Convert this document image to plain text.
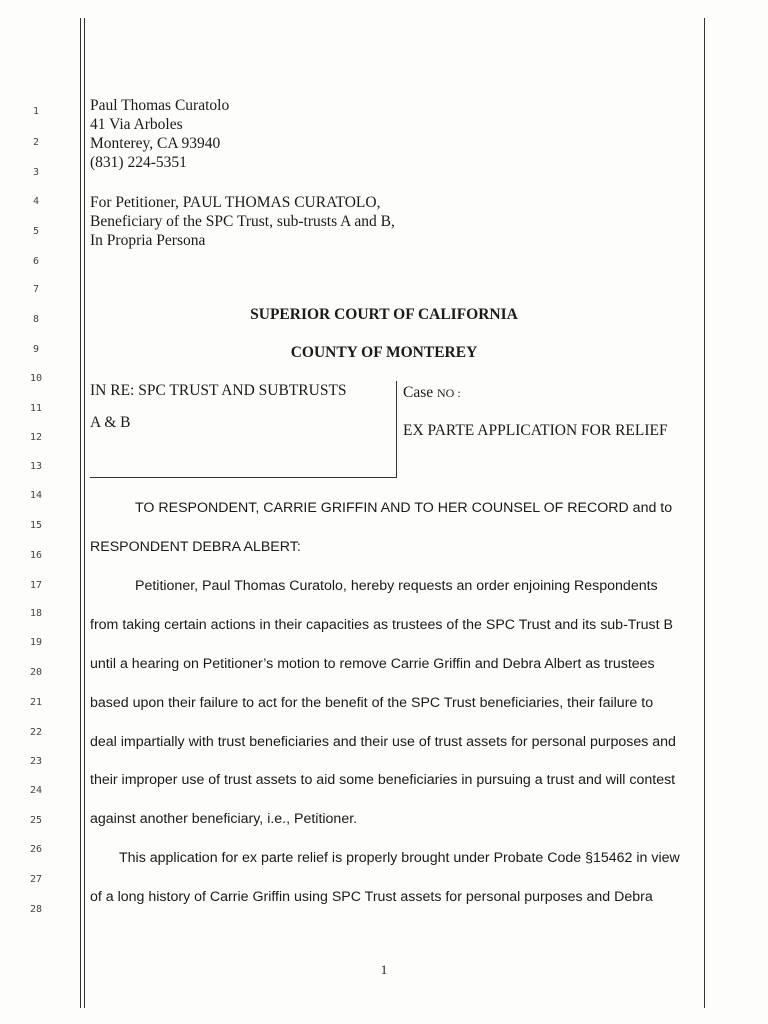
1
2
3
4
5
6
7
8
9
10
11
12
13
14
15
16
17
18
19
20
21
22
23
24
25
26
27
28
Paul Thomas Curatolo
41 Via Arboles
Monterey, CA 93940
(831) 224-5351
For Petitioner, PAUL THOMAS CURATOLO,
Beneficiary of the SPC Trust, sub-trusts A and B,
In Propria Persona
SUPERIOR COURT OF CALIFORNIA
COUNTY OF MONTEREY
IN RE: SPC TRUST AND SUBTRUSTS
A & B
Case NO :
EX PARTE APPLICATION FOR RELIEF
TO RESPONDENT, CARRIE GRIFFIN AND TO HER COUNSEL OF RECORD and to
RESPONDENT DEBRA ALBERT:
Petitioner, Paul Thomas Curatolo, hereby requests an order enjoining Respondents
from taking certain actions in their capacities as trustees of the SPC Trust and its sub-Trust B
until a hearing on Petitioner’s motion to remove Carrie Griffin and Debra Albert as trustees
based upon their failure to act for the benefit of the SPC Trust beneficiaries, their failure to
deal impartially with trust beneficiaries and their use of trust assets for personal purposes and
their improper use of trust assets to aid some beneficiaries in pursuing a trust and will contest
against another beneficiary, i.e., Petitioner.
This application for ex parte relief is properly brought under Probate Code §15462 in view
of a long history of Carrie Griffin using SPC Trust assets for personal purposes and Debra
1
